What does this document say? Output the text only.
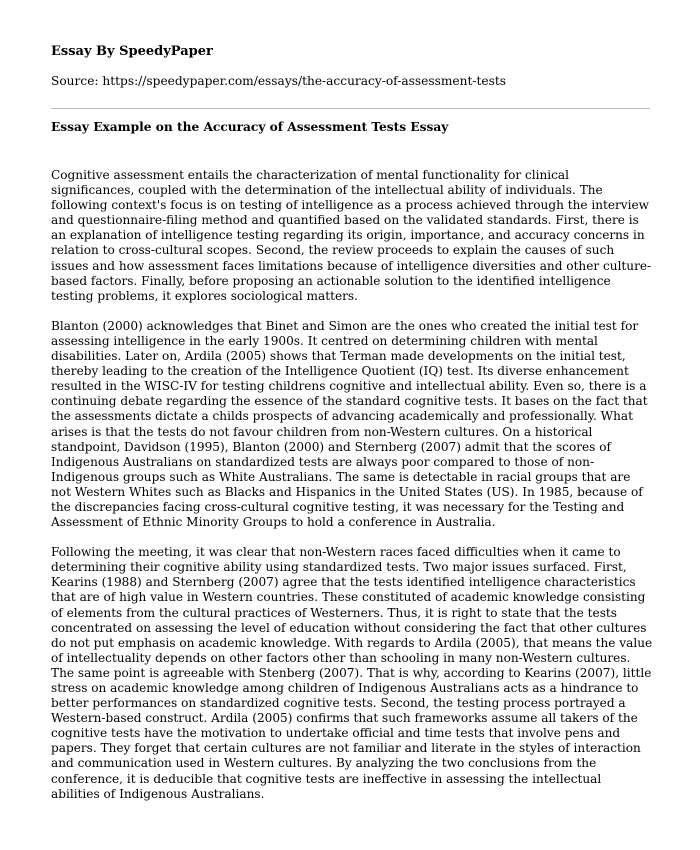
Essay By SpeedyPaper
Source: https://speedypaper.com/essays/the-accuracy-of-assessment-tests
Essay Example on the Accuracy of Assessment Tests Essay

Cognitive assessment entails the characterization of mental functionality for clinical significances, coupled with the determination of the intellectual ability of individuals. The following context's focus is on testing of intelligence as a process achieved through the interview and questionnaire-filing method and quantified based on the validated standards. First, there is an explanation of intelligence testing regarding its origin, importance, and accuracy concerns in relation to cross-cultural scopes. Second, the review proceeds to explain the causes of such issues and how assessment faces limitations because of intelligence diversities and other culture-based factors. Finally, before proposing an actionable solution to the identified intelligence testing problems, it explores sociological matters.

Blanton (2000) acknowledges that Binet and Simon are the ones who created the initial test for assessing intelligence in the early 1900s. It centred on determining children with mental disabilities. Later on, Ardila (2005) shows that Terman made developments on the initial test, thereby leading to the creation of the Intelligence Quotient (IQ) test. Its diverse enhancement resulted in the WISC-IV for testing childrens cognitive and intellectual ability. Even so, there is a continuing debate regarding the essence of the standard cognitive tests. It bases on the fact that the assessments dictate a childs prospects of advancing academically and professionally. What arises is that the tests do not favour children from non-Western cultures. On a historical standpoint, Davidson (1995), Blanton (2000) and Sternberg (2007) admit that the scores of Indigenous Australians on standardized tests are always poor compared to those of non-Indigenous groups such as White Australians. The same is detectable in racial groups that are not Western Whites such as Blacks and Hispanics in the United States (US). In 1985, because of the discrepancies facing cross-cultural cognitive testing, it was necessary for the Testing and Assessment of Ethnic Minority Groups to hold a conference in Australia.

Following the meeting, it was clear that non-Western races faced difficulties when it came to determining their cognitive ability using standardized tests. Two major issues surfaced. First, Kearins (1988) and Sternberg (2007) agree that the tests identified intelligence characteristics that are of high value in Western countries. These constituted of academic knowledge consisting of elements from the cultural practices of Westerners. Thus, it is right to state that the tests concentrated on assessing the level of education without considering the fact that other cultures do not put emphasis on academic knowledge. With regards to Ardila (2005), that means the value of intellectuality depends on other factors other than schooling in many non-Western cultures. The same point is agreeable with Stenberg (2007). That is why, according to Kearins (2007), little stress on academic knowledge among children of Indigenous Australians acts as a hindrance to better performances on standardized cognitive tests. Second, the testing process portrayed a Western-based construct. Ardila (2005) confirms that such frameworks assume all takers of the cognitive tests have the motivation to undertake official and time tests that involve pens and papers. They forget that certain cultures are not familiar and literate in the styles of interaction and communication used in Western cultures. By analyzing the two conclusions from the conference, it is deducible that cognitive tests are ineffective in assessing the intellectual abilities of Indigenous Australians.
